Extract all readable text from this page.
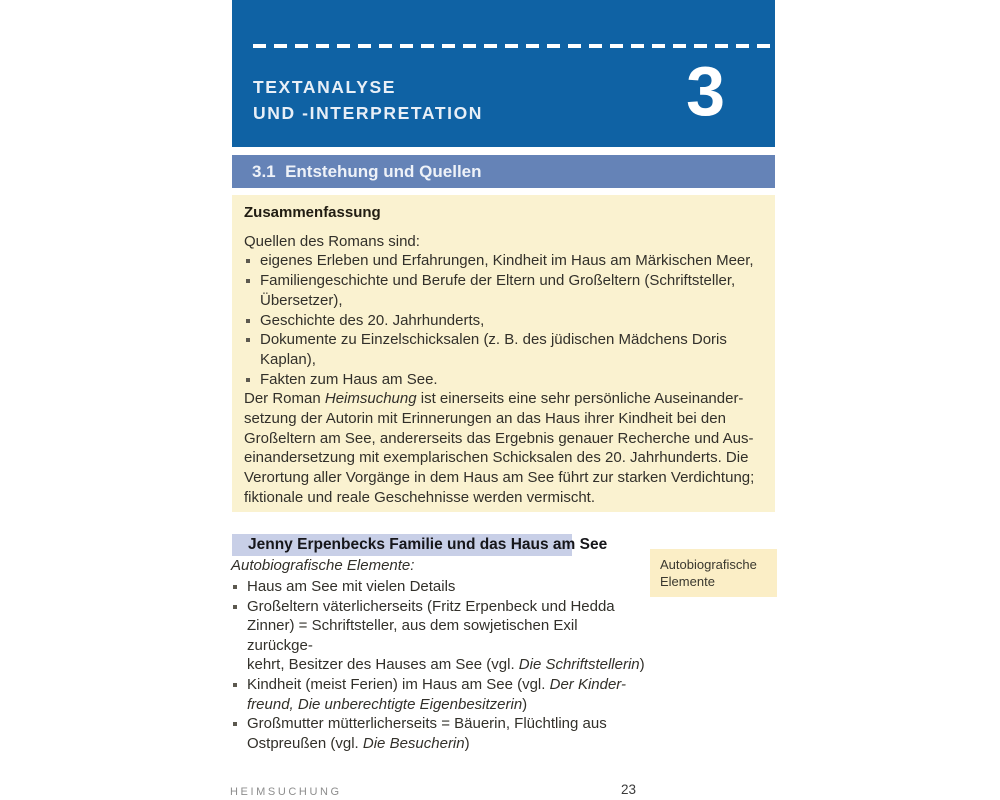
TEXTANALYSE
UND -INTERPRETATION	3
3.1  Entstehung und Quellen
Zusammenfassung
Quellen des Romans sind:
eigenes Erleben und Erfahrungen, Kindheit im Haus am Märkischen Meer,
Familiengeschichte und Berufe der Eltern und Großeltern (Schriftsteller,
Übersetzer),
Geschichte des 20. Jahrhunderts,
Dokumente zu Einzelschicksalen (z. B. des jüdischen Mädchens Doris
Kaplan),
Fakten zum Haus am See.
Der Roman Heimsuchung ist einerseits eine sehr persönliche Auseinander-
setzung der Autorin mit Erinnerungen an das Haus ihrer Kindheit bei den
Großeltern am See, andererseits das Ergebnis genauer Recherche und Aus-
einandersetzung mit exemplarischen Schicksalen des 20. Jahrhunderts. Die
Verortung aller Vorgänge in dem Haus am See führt zur starken Verdichtung;
fiktionale und reale Geschehnisse werden vermischt.
Jenny Erpenbecks Familie und das Haus am See
Autobiografische Elemente:
Haus am See mit vielen Details
Großeltern väterlicherseits (Fritz Erpenbeck und Hedda
Zinner) = Schriftsteller, aus dem sowjetischen Exil zurückge-
kehrt, Besitzer des Hauses am See (vgl. Die Schriftstellerin)
Kindheit (meist Ferien) im Haus am See (vgl. Der Kinder-
freund, Die unberechtigte Eigenbesitzerin)
Großmutter mütterlicherseits = Bäuerin, Flüchtling aus
Ostpreußen (vgl. Die Besucherin)
Autobiografische Elemente
HEIMSUCHUNG	23
